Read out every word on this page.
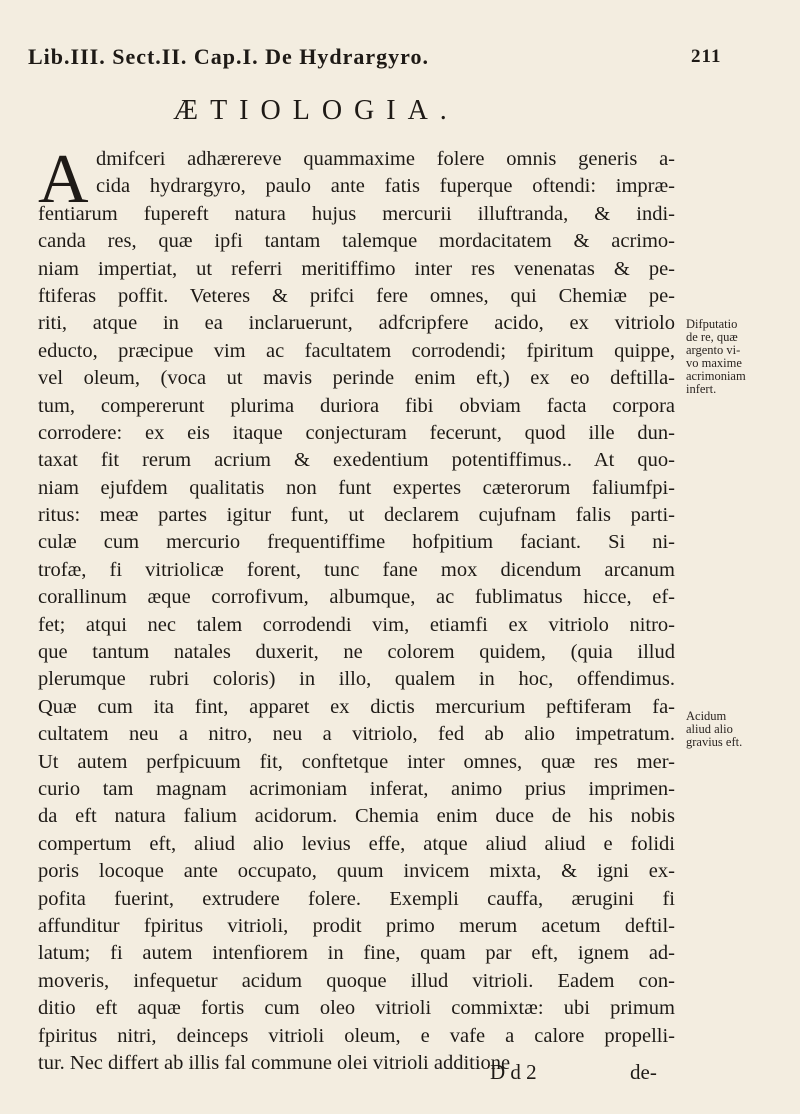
Lib.III. Sect.II. Cap.I. De Hydrargyro.	211
ÆTIOLOGIA.
A dmifceri adhærereve quammaxime folere omnis generis a-
cida hydrargyro, paulo ante fatis fuperque oftendi: impræ-
fentiarum fupereft natura hujus mercurii illuftranda, & indi-
canda res, quæ ipfi tantam talemque mordacitatem & acrimo-
niam impertiat, ut referri meritiffimo inter res venenatas & pe-
ftiferas poffit. Veteres & prifci fere omnes, qui Chemiæ pe-
riti, atque in ea inclaruerunt, adfcripfere acido, ex vitriolo
educto, præcipue vim ac facultatem corrodendi; fpiritum quippe,
vel oleum, (voca ut mavis perinde enim eft,) ex eo deftilla-
tum, compererunt plurima duriora fibi obviam facta corpora
corrodere: ex eis itaque conjecturam fecerunt, quod ille dun-
taxat fit rerum acrium & exedentium potentiffimus.. At quo-
niam ejufdem qualitatis non funt expertes cæterorum faliumfpi-
ritus: meæ partes igitur funt, ut declarem cujufnam falis parti-
culæ cum mercurio frequentiffime hofpitium faciant. Si ni-
trofæ, fi vitriolicæ forent, tunc fane mox dicendum arcanum
corallinum æque corrofivum, albumque, ac fublimatus hicce, ef-
fet; atqui nec talem corrodendi vim, etiamfi ex vitriolo nitro-
que tantum natales duxerit, ne colorem quidem, (quia illud
plerumque rubri coloris) in illo, qualem in hoc, offendimus.
Quæ cum ita fint, apparet ex dictis mercurium peftiferam fa-
cultatem neu a nitro, neu a vitriolo, fed ab alio impetratum.
Ut autem perfpicuum fit, conftetque inter omnes, quæ res mer-
curio tam magnam acrimoniam inferat, animo prius imprimen-
da eft natura falium acidorum. Chemia enim duce de his nobis
compertum eft, aliud alio levius effe, atque aliud aliud e folidi
poris locoque ante occupato, quum invicem mixta, & igni ex-
pofita fuerint, extrudere folere. Exempli cauffa, ærugini fi
affunditur fpiritus vitrioli, prodit primo merum acetum deftil-
latum; fi autem intenfiorem in fine, quam par eft, ignem ad-
moveris, infequetur acidum quoque illud vitrioli. Eadem con-
ditio eft aquæ fortis cum oleo vitrioli commixtæ: ubi primum
fpiritus nitri, deinceps vitrioli oleum, e vafe a calore propelli-
tur. Nec differt ab illis fal commune olei vitrioli additione
Difputatio
de re, quæ
argento vi-
vo maxime
acrimoniam
infert.
Acidum
aliud alio
gravius eft.
D d 2	de-
